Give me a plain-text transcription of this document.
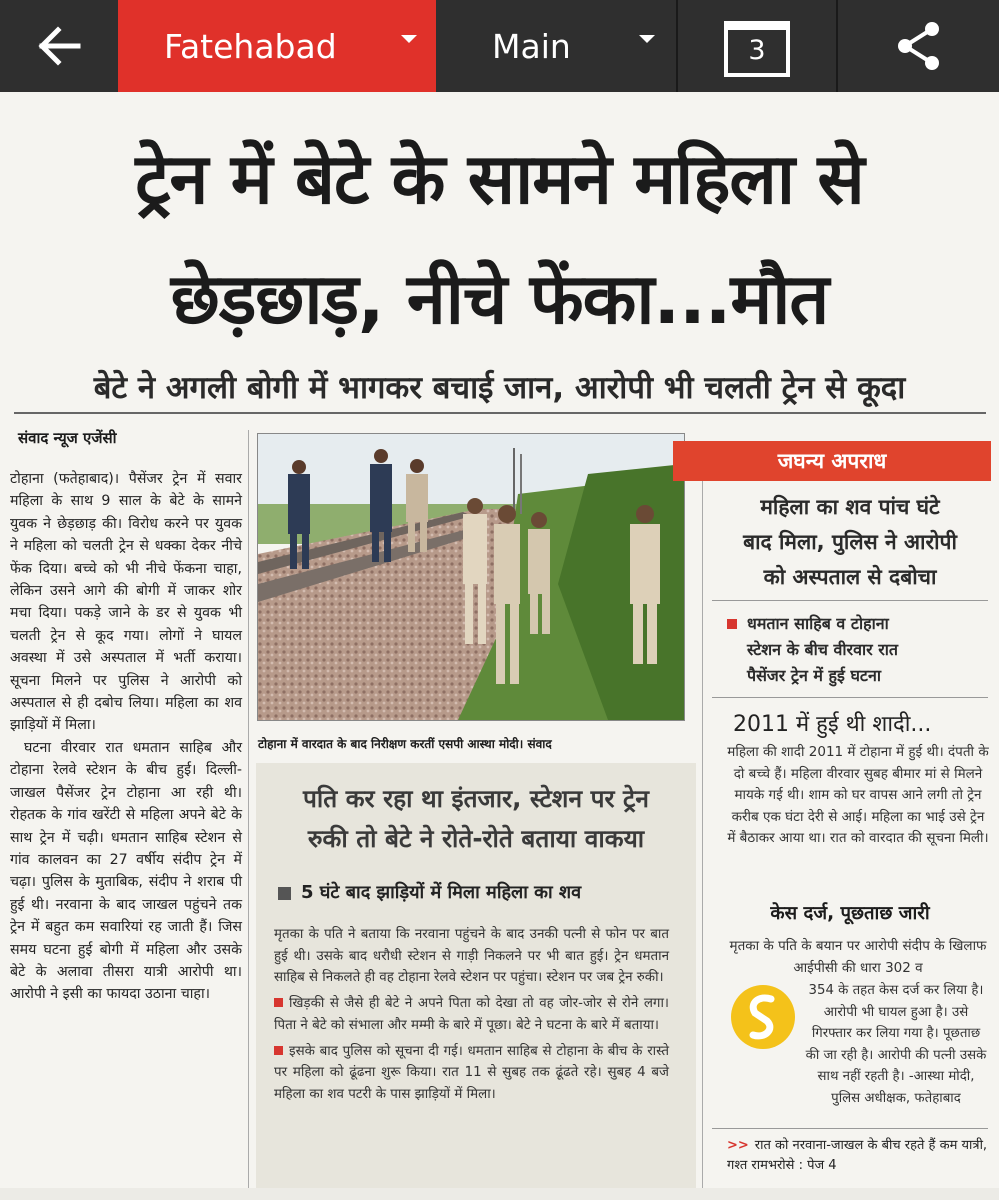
Fatehabad	Main	3
ट्रेन में बेटे के सामने महिला से
छेड़छाड़, नीचे फेंका...मौत
बेटे ने अगली बोगी में भागकर बचाई जान, आरोपी भी चलती ट्रेन से कूदा
संवाद न्यूज एजेंसी

टोहाना (फतेहाबाद)। पैसेंजर ट्रेन में सवार महिला के साथ 9 साल के बेटे के सामने युवक ने छेड़छाड़ की। विरोध करने पर युवक ने महिला को चलती ट्रेन से धक्का देकर नीचे फेंक दिया। बच्चे को भी नीचे फेंकना चाहा, लेकिन उसने आगे की बोगी में जाकर शोर मचा दिया। पकड़े जाने के डर से युवक भी चलती ट्रेन से कूद गया। लोगों ने घायल अवस्था में उसे अस्पताल में भर्ती कराया। सूचना मिलने पर पुलिस ने आरोपी को अस्पताल से ही दबोच लिया। महिला का शव झाड़ियों में मिला।

घटना वीरवार रात धमतान साहिब और टोहाना रेलवे स्टेशन के बीच हुई। दिल्ली-जाखल पैसेंजर ट्रेन टोहाना आ रही थी। रोहतक के गांव खरेंटी से महिला अपने बेटे के साथ ट्रेन में चढ़ी। धमतान साहिब स्टेशन से गांव कालवन का 27 वर्षीय संदीप ट्रेन में चढ़ा। पुलिस के मुताबिक, संदीप ने शराब पी हुई थी। नरवाना के बाद जाखल पहुंचने तक ट्रेन में बहुत कम सवारियां रह जाती हैं। जिस समय घटना हुई बोगी में महिला और उसके बेटे के अलावा तीसरा यात्री आरोपी था। आरोपी ने इसी का फायदा उठाना चाहा।

टोहाना में वारदात के बाद निरीक्षण करतीं एसपी आस्था मोदी। संवाद
पति कर रहा था इंतजार, स्टेशन पर ट्रेन
रुकी तो बेटे ने रोते-रोते बताया वाकया
5 घंटे बाद झाड़ियों में मिला महिला का शव

मृतका के पति ने बताया कि नरवाना पहुंचने के बाद उनकी पत्नी से फोन पर बात हुई थी। उसके बाद धरौधी स्टेशन से गाड़ी निकलने पर भी बात हुई। ट्रेन धमतान साहिब से निकलते ही वह टोहाना रेलवे स्टेशन पर पहुंचा। स्टेशन पर जब ट्रेन रुकी।

खिड़की से जैसे ही बेटे ने अपने पिता को देखा तो वह जोर-जोर से रोने लगा। पिता ने बेटे को संभाला और मम्मी के बारे में पूछा। बेटे ने घटना के बारे में बताया।

इसके बाद पुलिस को सूचना दी गई। धमतान साहिब से टोहाना के बीच के रास्ते पर महिला को ढूंढना शुरू किया। रात 11 से सुबह तक ढूंढते रहे। सुबह 4 बजे महिला का शव पटरी के पास झाड़ियों में मिला।

जघन्य अपराध
महिला का शव पांच घंटे
बाद मिला, पुलिस ने आरोपी
को अस्पताल से दबोचा
धमतान साहिब व टोहाना
स्टेशन के बीच वीरवार रात
पैसेंजर ट्रेन में हुई घटना
2011 में हुई थी शादी...
महिला की शादी 2011 में टोहाना में हुई थी। दंपती के दो बच्चे हैं। महिला वीरवार सुबह बीमार मां से मिलने मायके गई थी। शाम को घर वापस आने लगी तो ट्रेन करीब एक घंटा देरी से आई। महिला का भाई उसे ट्रेन में बैठाकर आया था। रात को वारदात की सूचना मिली।
केस दर्ज, पूछताछ जारी
मृतका के पति के बयान पर आरोपी संदीप के खिलाफ आईपीसी की धारा 302 व
354 के तहत केस दर्ज कर लिया है। आरोपी भी घायल हुआ है। उसे गिरफ्तार कर लिया गया है। पूछताछ की जा रही है। आरोपी की पत्नी उसके साथ नहीं रहती है। -आस्था मोदी, पुलिस अधीक्षक, फतेहाबाद
>> रात को नरवाना-जाखल के बीच रहते हैं कम यात्री, गश्त रामभरोसे : पेज 4
